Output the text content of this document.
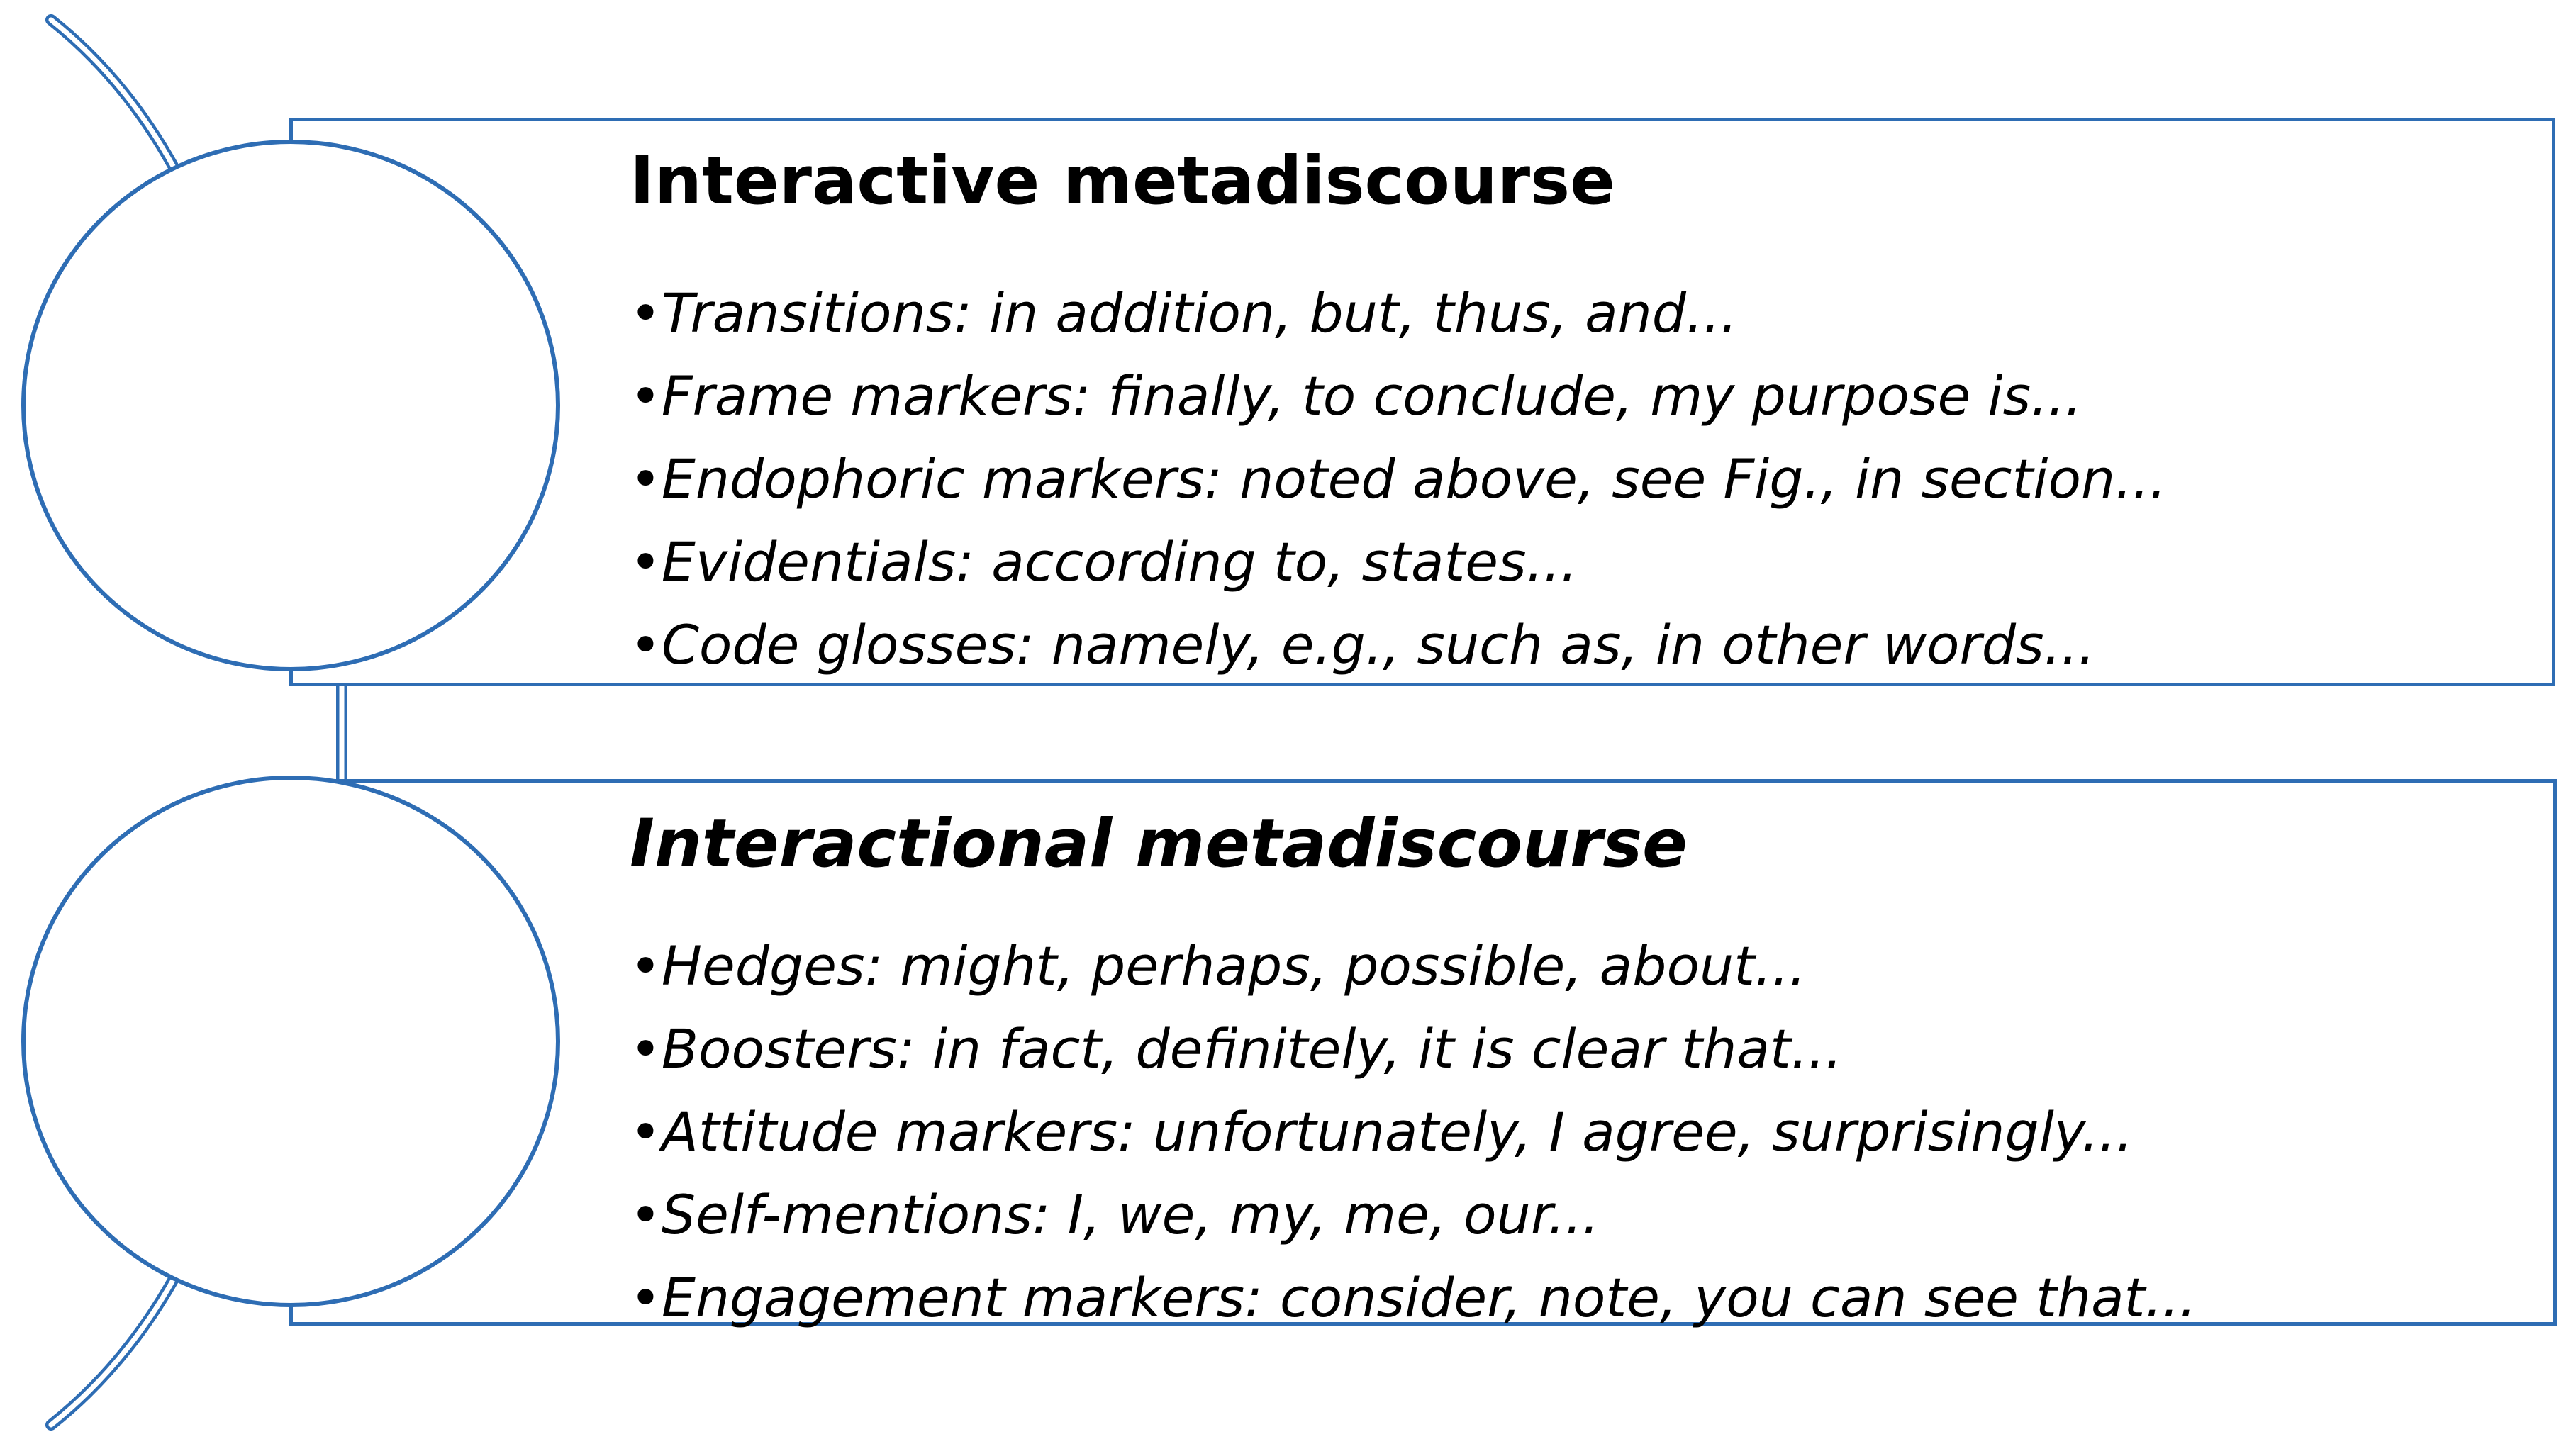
Interactive metadiscourse
• Transitions: in addition, but, thus, and...
• Frame markers: finally, to conclude, my purpose is...
• Endophoric markers: noted above, see Fig., in section...
• Evidentials: according to, states...
• Code glosses: namely, e.g., such as, in other words...
Interactional metadiscourse
• Hedges: might, perhaps, possible, about...
• Boosters: in fact, definitely, it is clear that...
• Attitude markers: unfortunately, I agree, surprisingly...
• Self-mentions: I, we, my, me, our...
• Engagement markers: consider, note, you can see that...
